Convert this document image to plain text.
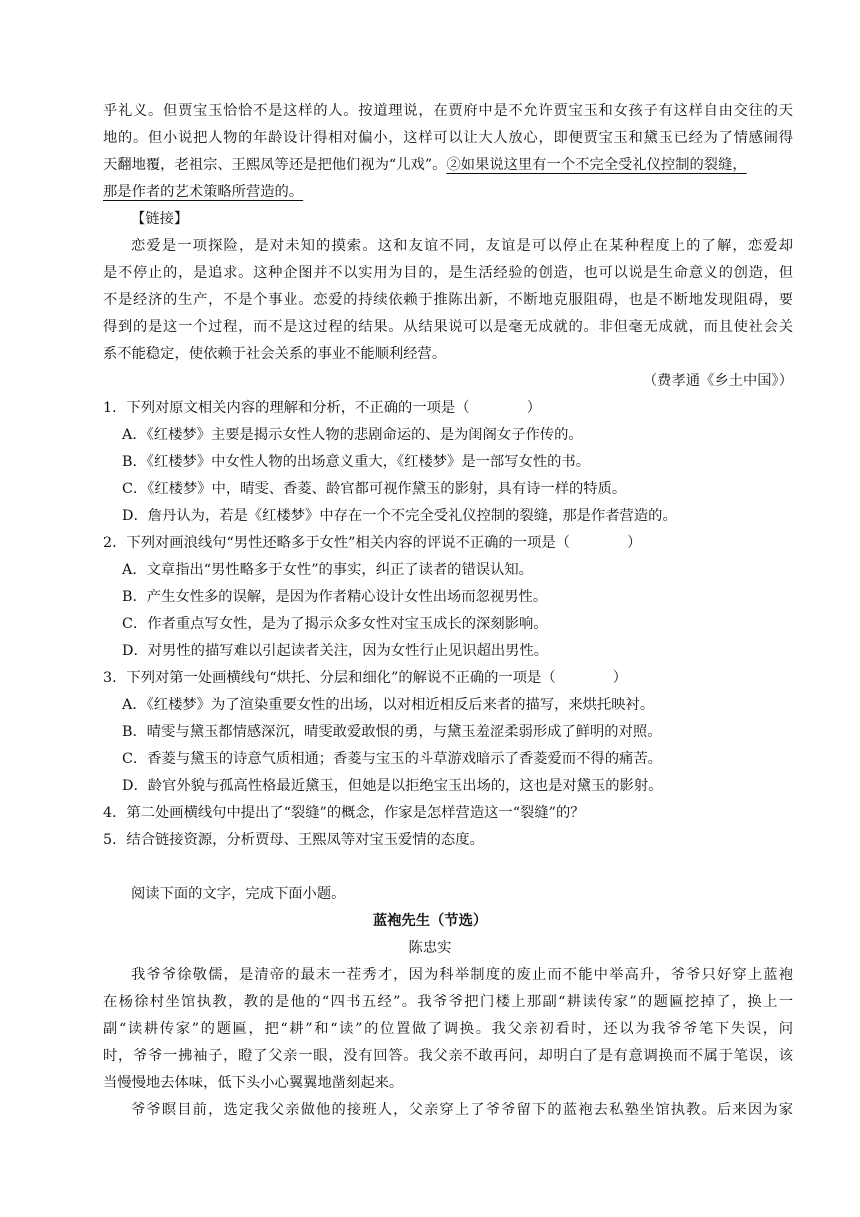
乎礼义。但贾宝玉恰恰不是这样的人。按道理说，在贾府中是不允许贾宝玉和女孩子有这样自由交往的天
地的。但小说把人物的年龄设计得相对偏小，这样可以让大人放心，即便贾宝玉和黛玉已经为了情感闹得
天翻地覆，老祖宗、王熙凤等还是把他们视为“儿戏”。②如果说这里有一个不完全受礼仪控制的裂缝，
那是作者的艺术策略所营造的。
【链接】
恋爱是一项探险，是对未知的摸索。这和友谊不同，友谊是可以停止在某种程度上的了解，恋爱却
是不停止的，是追求。这种企图并不以实用为目的，是生活经验的创造，也可以说是生命意义的创造，但
不是经济的生产，不是个事业。恋爱的持续依赖于推陈出新，不断地克服阻碍，也是不断地发现阻碍，要
得到的是这一个过程，而不是这过程的结果。从结果说可以是毫无成就的。非但毫无成就，而且使社会关
系不能稳定，使依赖于社会关系的事业不能顺利经营。
（费孝通《乡土中国》）
1．下列对原文相关内容的理解和分析，不正确的一项是（　　　　）
A．《红楼梦》主要是揭示女性人物的悲剧命运的、是为闺阁女子作传的。
B．《红楼梦》中女性人物的出场意义重大，《红楼梦》是一部写女性的书。
C．《红楼梦》中，晴雯、香菱、龄官都可视作黛玉的影射，具有诗一样的特质。
D．詹丹认为，若是《红楼梦》中存在一个不完全受礼仪控制的裂缝，那是作者营造的。
2．下列对画浪线句“男性还略多于女性”相关内容的评说不正确的一项是（　　　　）
A．文章指出“男性略多于女性”的事实，纠正了读者的错误认知。
B．产生女性多的误解，是因为作者精心设计女性出场而忽视男性。
C．作者重点写女性，是为了揭示众多女性对宝玉成长的深刻影响。
D．对男性的描写难以引起读者关注，因为女性行止见识超出男性。
3．下列对第一处画横线句“烘托、分层和细化”的解说不正确的一项是（　　　　）
A．《红楼梦》为了渲染重要女性的出场，以对相近相反后来者的描写，来烘托映衬。
B．晴雯与黛玉都情感深沉，晴雯敢爱敢恨的勇，与黛玉羞涩柔弱形成了鲜明的对照。
C．香菱与黛玉的诗意气质相通；香菱与宝玉的斗草游戏暗示了香菱爱而不得的痛苦。
D．龄官外貌与孤高性格最近黛玉，但她是以拒绝宝玉出场的，这也是对黛玉的影射。
4．第二处画横线句中提出了“裂缝”的概念，作家是怎样营造这一“裂缝”的？
5．结合链接资源，分析贾母、王熙凤等对宝玉爱情的态度。
阅读下面的文字，完成下面小题。
蓝袍先生（节选）
陈忠实
我爷爷徐敬儒，是清帝的最末一茬秀才，因为科举制度的废止而不能中举高升，爷爷只好穿上蓝袍
在杨徐村坐馆执教，教的是他的“四书五经”。我爷爷把门楼上那副“耕读传家”的题匾挖掉了，换上一
副“读耕传家”的题匾，把“耕”和“读”的位置做了调换。我父亲初看时，还以为我爷爷笔下失误，问
时，爷爷一拂袖子，瞪了父亲一眼，没有回答。我父亲不敢再问，却明白了是有意调换而不属于笔误，该
当慢慢地去体味，低下头小心翼翼地凿刻起来。
爷爷瞑目前，选定我父亲做他的接班人，父亲穿上了爷爷留下的蓝袍去私塾坐馆执教。后来因为家
